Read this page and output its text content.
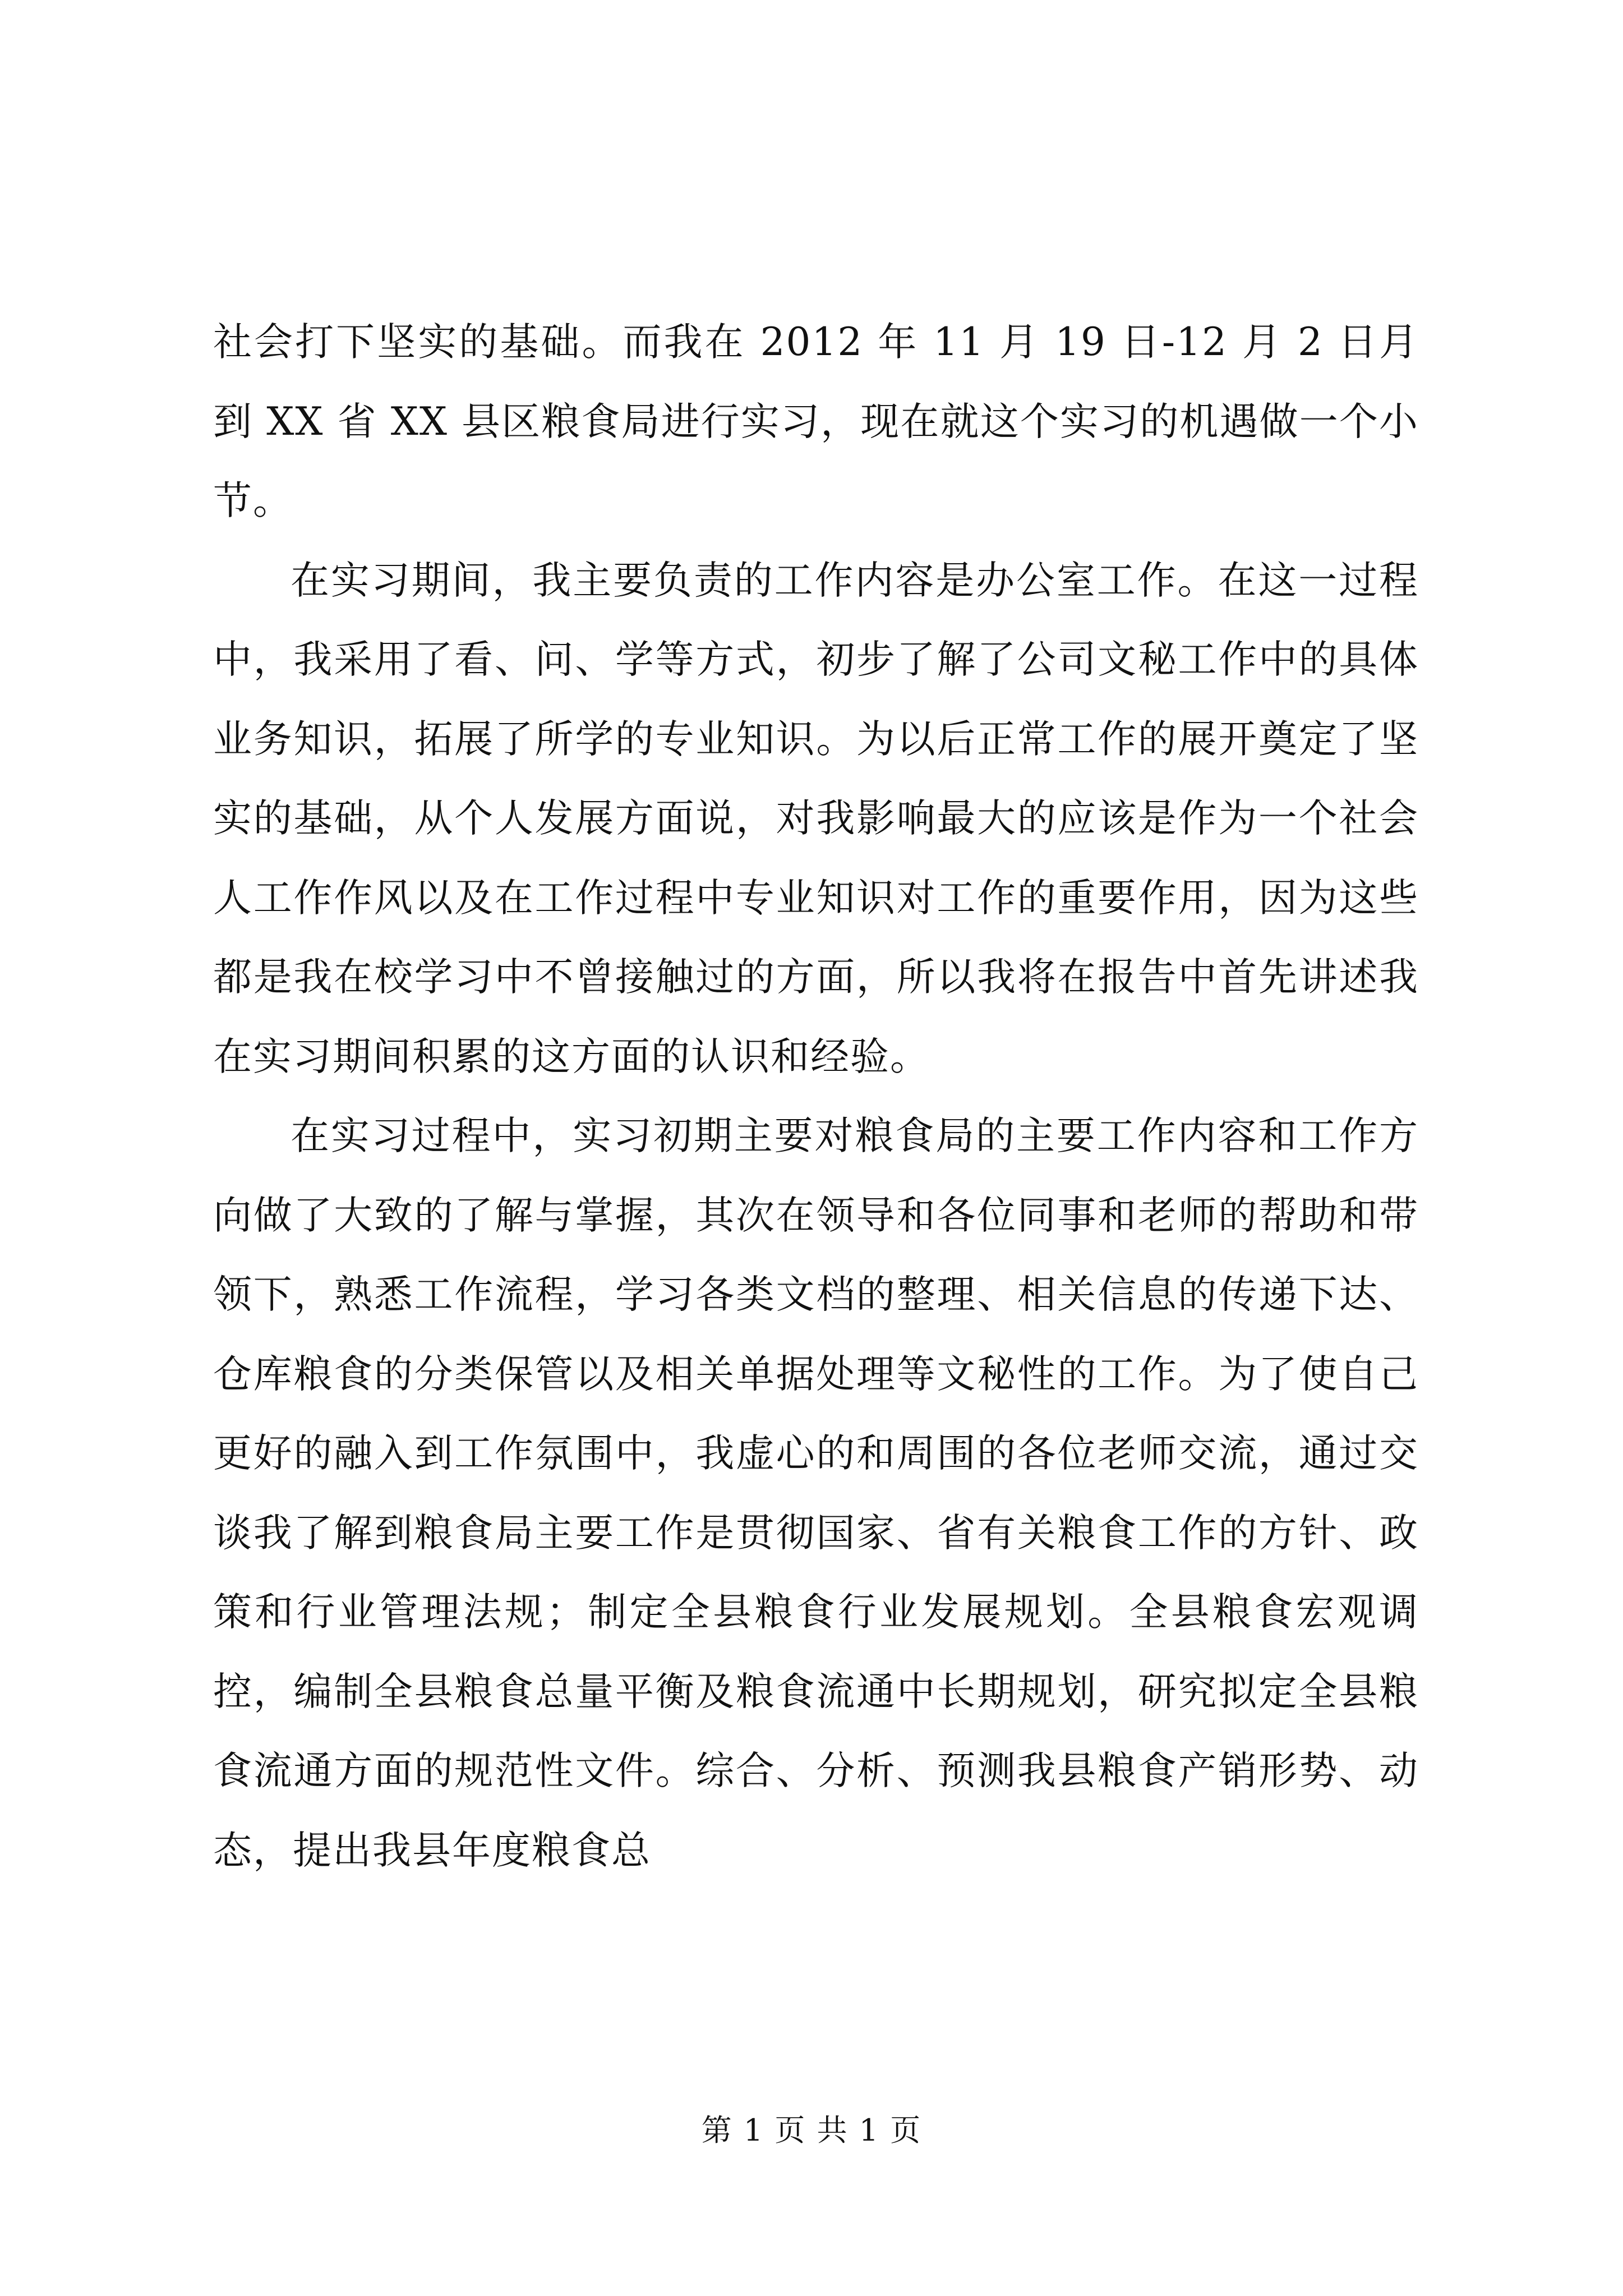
社会打下坚实的基础。而我在 2012 年 11 月 19 日-12 月 2 日月到 XX 省 XX 县区粮食局进行实习，现在就这个实习的机遇做一个小节。

在实习期间，我主要负责的工作内容是办公室工作。在这一过程中，我采用了看、问、学等方式，初步了解了公司文秘工作中的具体业务知识，拓展了所学的专业知识。为以后正常工作的展开奠定了坚实的基础，从个人发展方面说，对我影响最大的应该是作为一个社会人工作作风以及在工作过程中专业知识对工作的重要作用，因为这些都是我在校学习中不曾接触过的方面，所以我将在报告中首先讲述我在实习期间积累的这方面的认识和经验。

在实习过程中，实习初期主要对粮食局的主要工作内容和工作方向做了大致的了解与掌握，其次在领导和各位同事和老师的帮助和带领下，熟悉工作流程，学习各类文档的整理、相关信息的传递下达、仓库粮食的分类保管以及相关单据处理等文秘性的工作。为了使自己更好的融入到工作氛围中，我虚心的和周围的各位老师交流，通过交谈我了解到粮食局主要工作是贯彻国家、省有关粮食工作的方针、政策和行业管理法规；制定全县粮食行业发展规划。全县粮食宏观调控，编制全县粮食总量平衡及粮食流通中长期规划，研究拟定全县粮食流通方面的规范性文件。综合、分析、预测我县粮食产销形势、动态，提出我县年度粮食总

第 1 页 共 1 页
